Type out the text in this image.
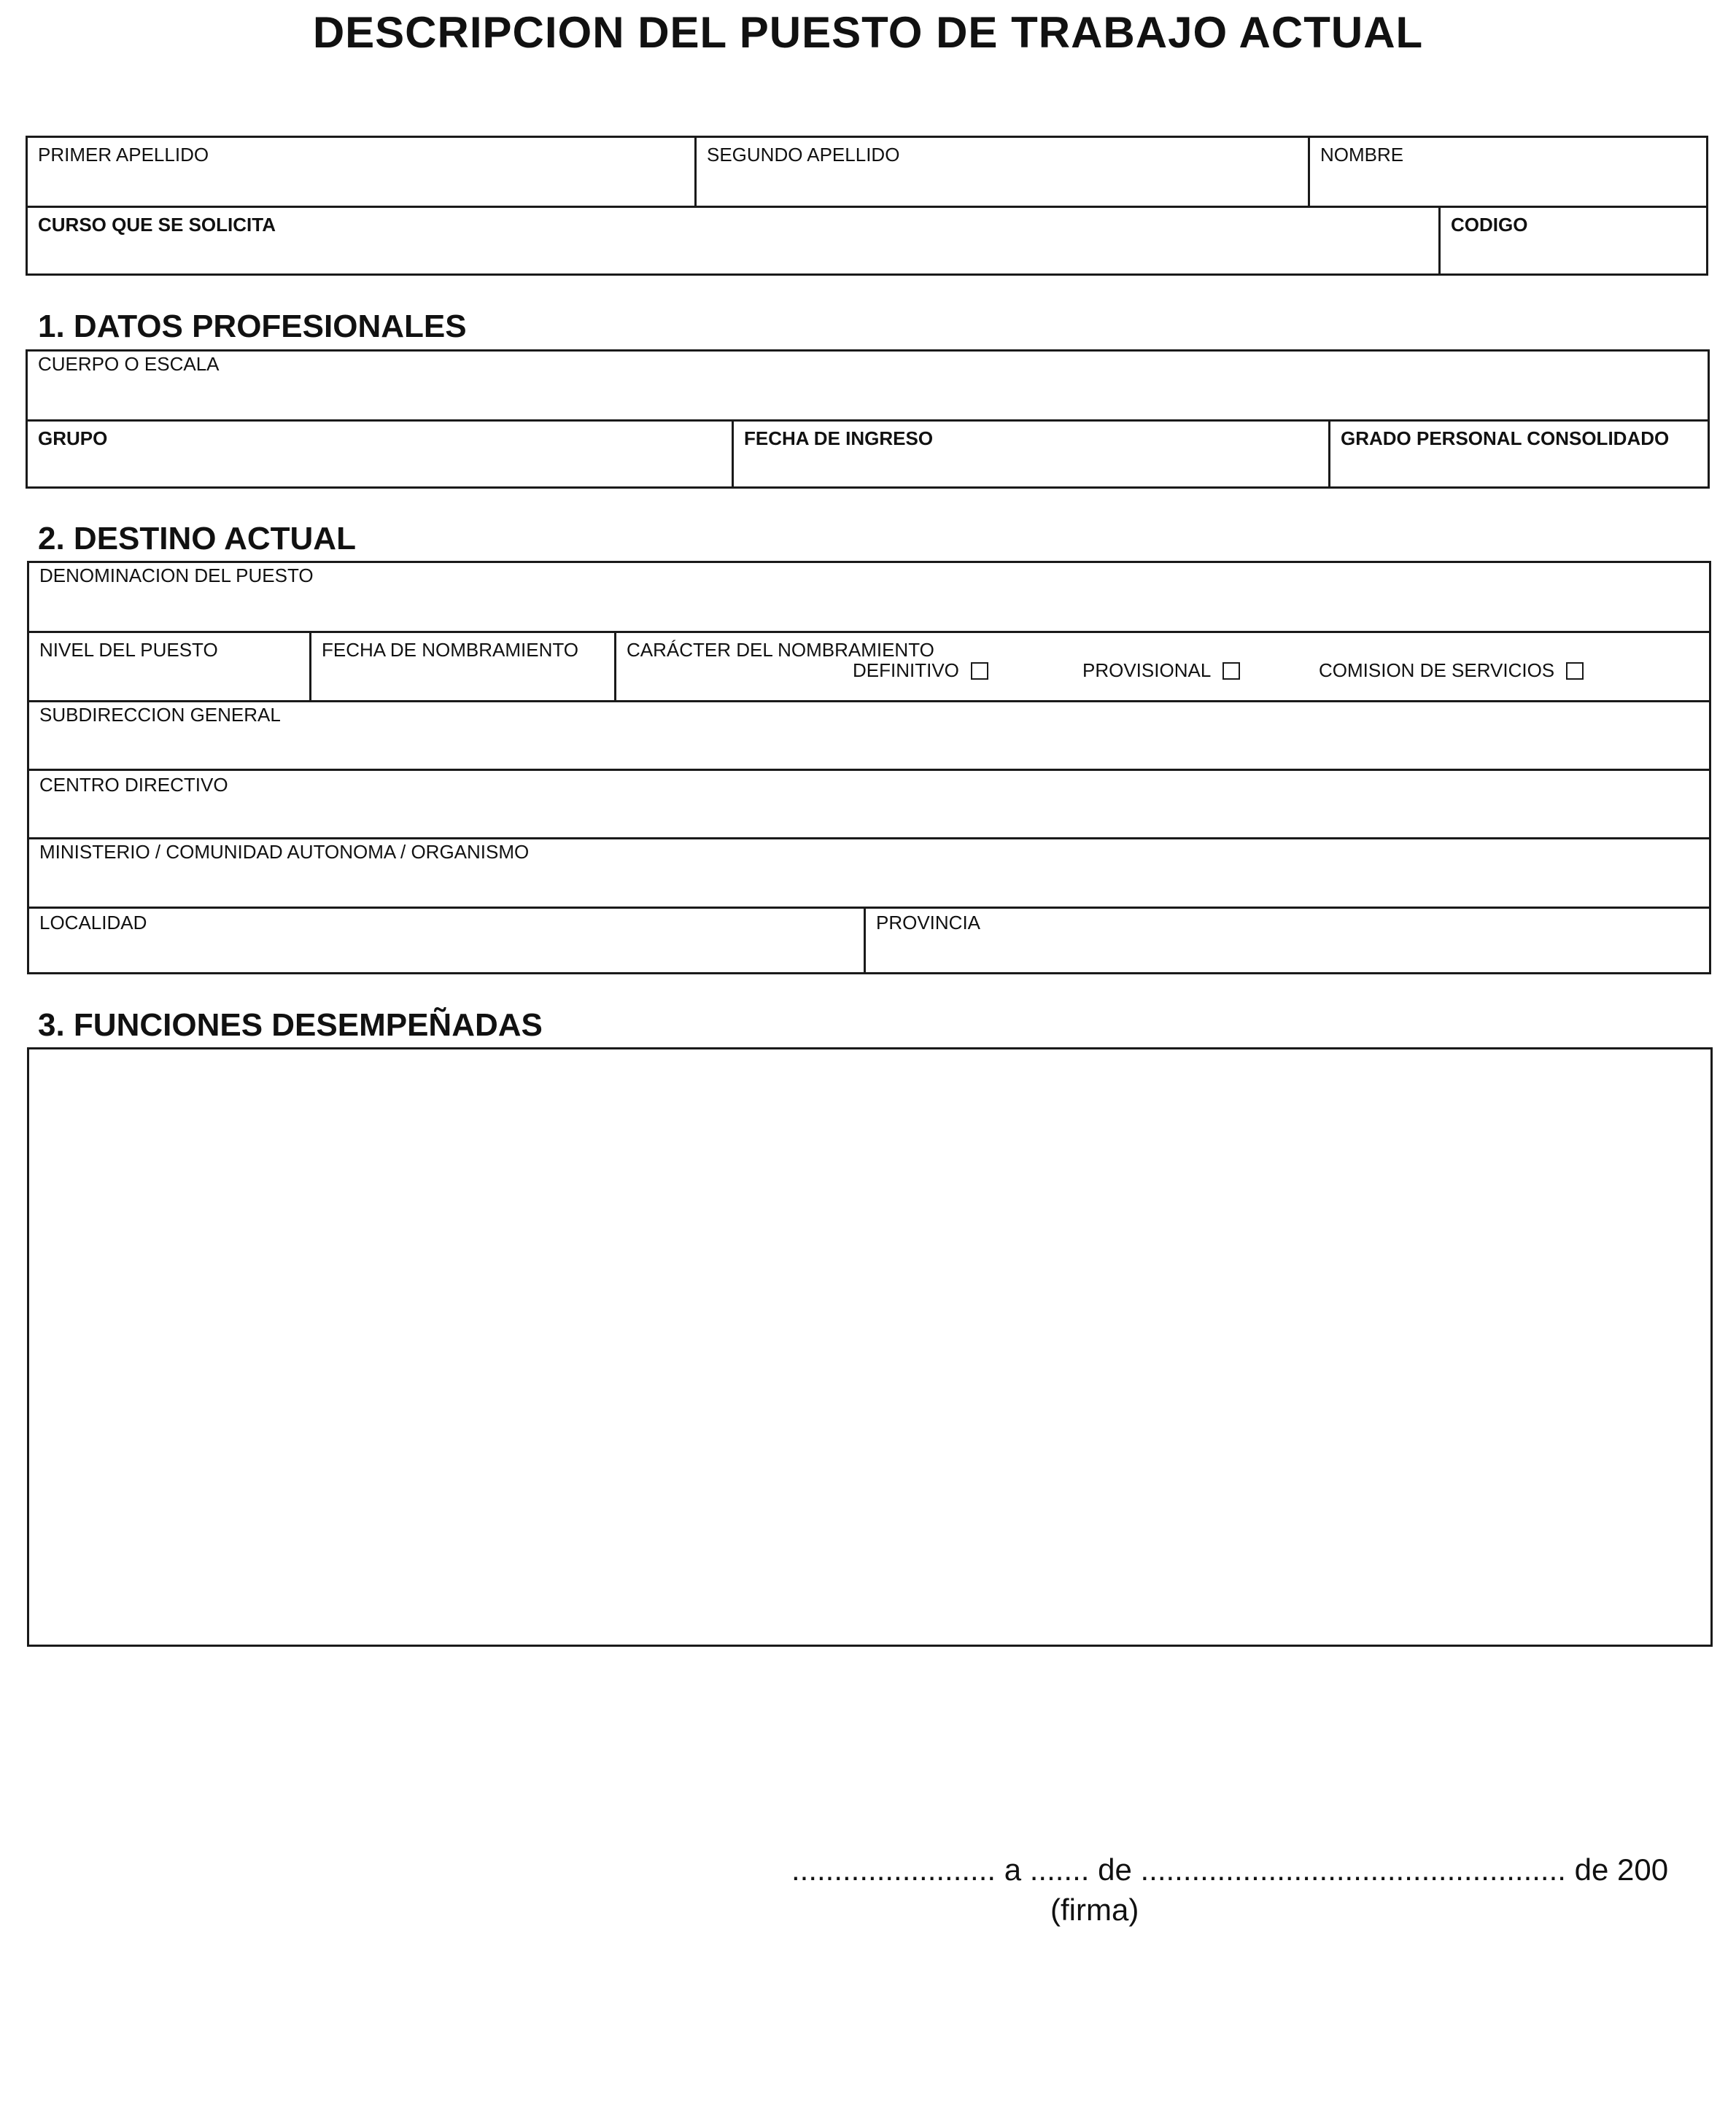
DESCRIPCION DEL PUESTO DE TRABAJO ACTUAL
PRIMER APELLIDO	SEGUNDO APELLIDO	NOMBRE
CURSO QUE SE SOLICITA	CODIGO
1. DATOS PROFESIONALES
CUERPO O ESCALA
GRUPO	FECHA DE INGRESO	GRADO PERSONAL CONSOLIDADO
2. DESTINO ACTUAL
DENOMINACION DEL PUESTO
NIVEL DEL PUESTO	FECHA DE NOMBRAMIENTO	CARÁCTER DEL NOMBRAMIENTO
DEFINITIVO	PROVISIONAL	COMISION DE SERVICIOS
SUBDIRECCION GENERAL
CENTRO DIRECTIVO
MINISTERIO / COMUNIDAD AUTONOMA / ORGANISMO
LOCALIDAD	PROVINCIA
3. FUNCIONES DESEMPEÑADAS
........................ a ....... de .................................................. de 200
(firma)
